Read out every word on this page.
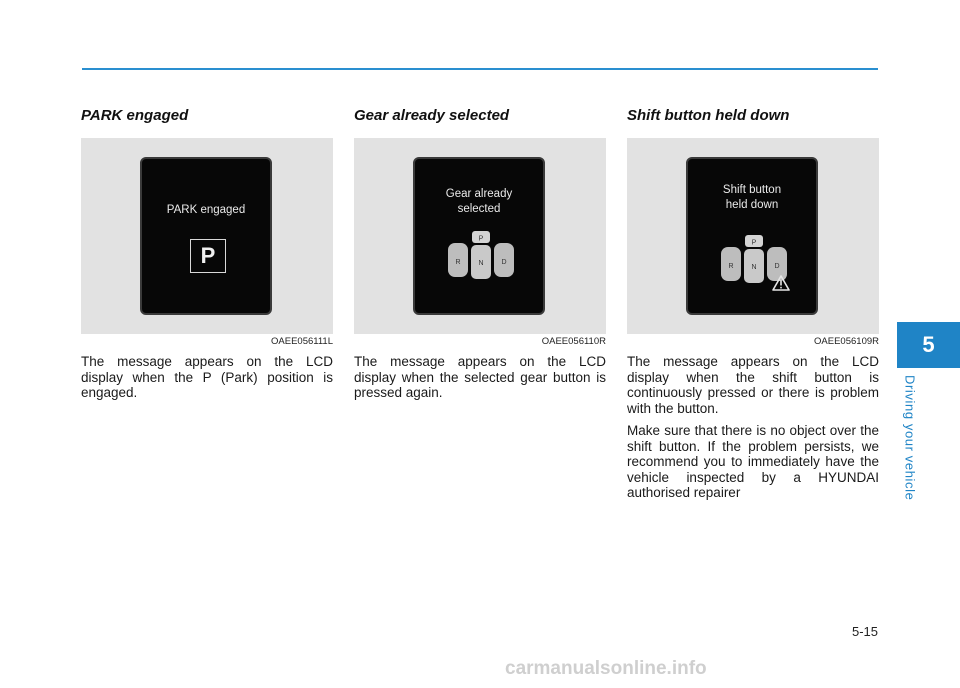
PARK engaged
PARK engaged
P
OAEE056111L

The message appears on the LCD display when the P (Park) position is engaged.

Gear already selected
Gear already
selected
P
R	N	D
OAEE056110R

The message appears on the LCD display when the selected gear button is pressed again.

Shift button held down
Shift button
held down
P
R	N	D
OAEE056109R

The message appears on the LCD display when the shift button is continuously pressed or there is problem with the button.

Make sure that there is no object over the shift button. If the problem persists, we recommend you to immediately have the vehicle inspected by a HYUNDAI authorised repairer

5
Driving your vehicle
5-15
carmanualsonline.info
